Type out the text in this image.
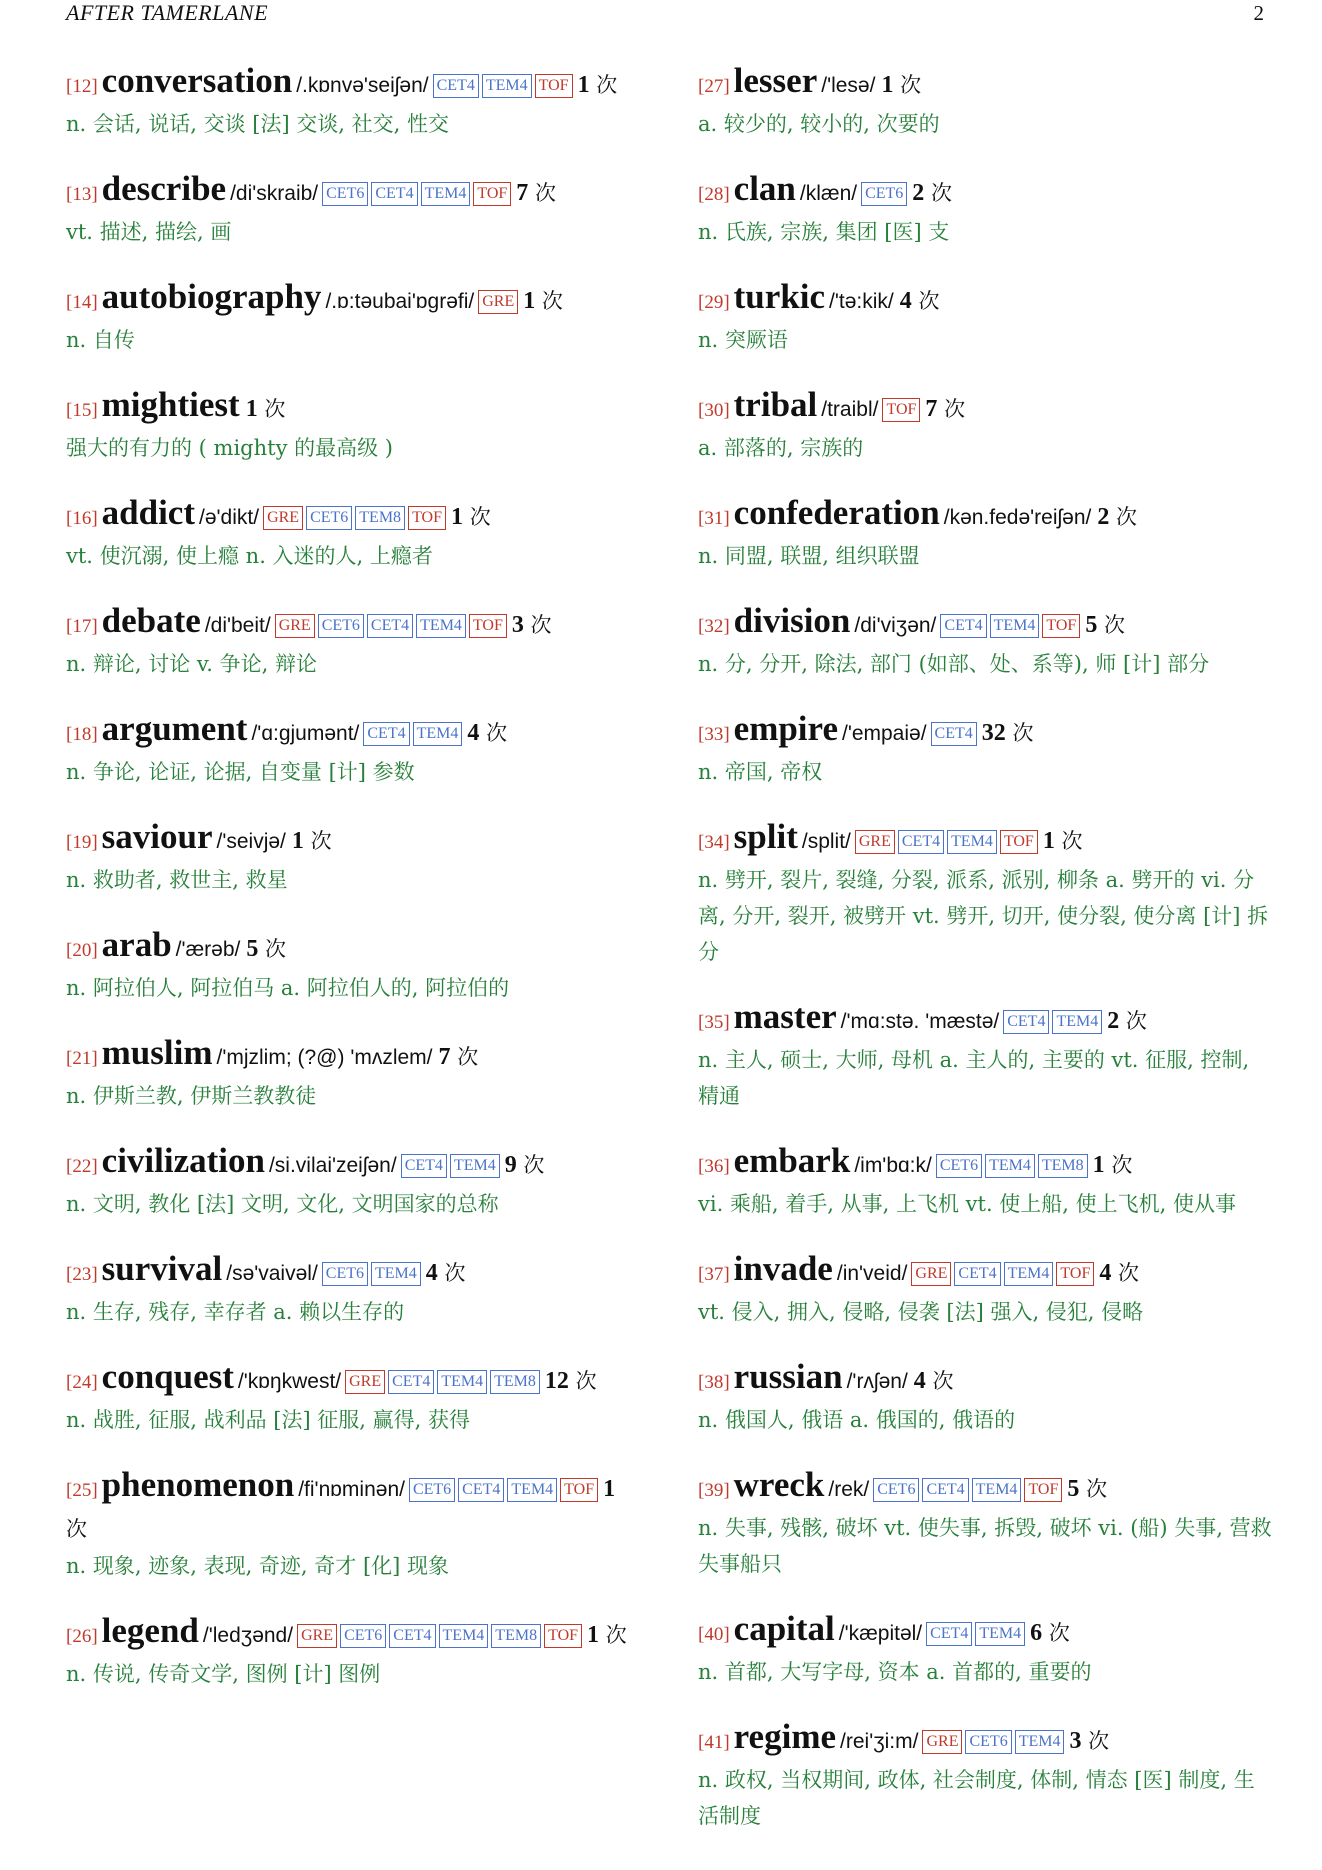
AFTER TAMERLANE	2
[12] conversation /.kɒnvə'seiʃən/ CET4 TEM4 TOF 1 次
n. 会话, 说话, 交谈 [法] 交谈, 社交, 性交
[13] describe /di'skraib/ CET6 CET4 TEM4 TOF 7 次
vt. 描述, 描绘, 画
[14] autobiography /.ɒ:təubai'ɒgrəfi/ GRE 1 次
n. 自传
[15] mightiest 1 次
强大的有力的 ( mighty 的最高级 )
[16] addict /ə'dikt/ GRE CET6 TEM8 TOF 1 次
vt. 使沉溺, 使上瘾 n. 入迷的人, 上瘾者
[17] debate /di'beit/ GRE CET6 CET4 TEM4 TOF 3 次
n. 辩论, 讨论 v. 争论, 辩论
[18] argument /'ɑ:gjumənt/ CET4 TEM4 4 次
n. 争论, 论证, 论据, 自变量 [计] 参数
[19] saviour /'seivjə/ 1 次
n. 救助者, 救世主, 救星
[20] arab /'ærəb/ 5 次
n. 阿拉伯人, 阿拉伯马 a. 阿拉伯人的, 阿拉伯的
[21] muslim /'mjzlim; (?@) 'mʌzlem/ 7 次
n. 伊斯兰教, 伊斯兰教教徒
[22] civilization /si.vilai'zeiʃən/ CET4 TEM4 9 次
n. 文明, 教化 [法] 文明, 文化, 文明国家的总称
[23] survival /sə'vaivəl/ CET6 TEM4 4 次
n. 生存, 残存, 幸存者 a. 赖以生存的
[24] conquest /'kɒŋkwest/ GRE CET4 TEM4 TEM8 12 次
n. 战胜, 征服, 战利品 [法] 征服, 赢得, 获得
[25] phenomenon /fi'nɒminən/ CET6 CET4 TEM4 TOF 1 次
n. 现象, 迹象, 表现, 奇迹, 奇才 [化] 现象
[26] legend /'ledʒənd/ GRE CET6 CET4 TEM4 TEM8 TOF 1 次
n. 传说, 传奇文学, 图例 [计] 图例
[27] lesser /'lesə/ 1 次
a. 较少的, 较小的, 次要的
[28] clan /klæn/ CET6 2 次
n. 氏族, 宗族, 集团 [医] 支
[29] turkic /'tə:kik/ 4 次
n. 突厥语
[30] tribal /traibl/ TOF 7 次
a. 部落的, 宗族的
[31] confederation /kən.fedə'reiʃən/ 2 次
n. 同盟, 联盟, 组织联盟
[32] division /di'viʒən/ CET4 TEM4 TOF 5 次
n. 分, 分开, 除法, 部门 (如部、处、系等), 师 [计] 部分
[33] empire /'empaiə/ CET4 32 次
n. 帝国, 帝权
[34] split /split/ GRE CET4 TEM4 TOF 1 次
n. 劈开, 裂片, 裂缝, 分裂, 派系, 派别, 柳条 a. 劈开的 vi. 分离, 分开, 裂开, 被劈开 vt. 劈开, 切开, 使分裂, 使分离 [计] 拆分
[35] master /'mɑ:stə. 'mæstə/ CET4 TEM4 2 次
n. 主人, 硕士, 大师, 母机 a. 主人的, 主要的 vt. 征服, 控制, 精通
[36] embark /im'bɑ:k/ CET6 TEM4 TEM8 1 次
vi. 乘船, 着手, 从事, 上飞机 vt. 使上船, 使上飞机, 使从事
[37] invade /in'veid/ GRE CET4 TEM4 TOF 4 次
vt. 侵入, 拥入, 侵略, 侵袭 [法] 强入, 侵犯, 侵略
[38] russian /'rʌʃən/ 4 次
n. 俄国人, 俄语 a. 俄国的, 俄语的
[39] wreck /rek/ CET6 CET4 TEM4 TOF 5 次
n. 失事, 残骸, 破坏 vt. 使失事, 拆毁, 破坏 vi. (船) 失事, 营救失事船只
[40] capital /'kæpitəl/ CET4 TEM4 6 次
n. 首都, 大写字母, 资本 a. 首都的, 重要的
[41] regime /rei'ʒi:m/ GRE CET6 TEM4 3 次
n. 政权, 当权期间, 政体, 社会制度, 体制, 情态 [医] 制度, 生活制度
